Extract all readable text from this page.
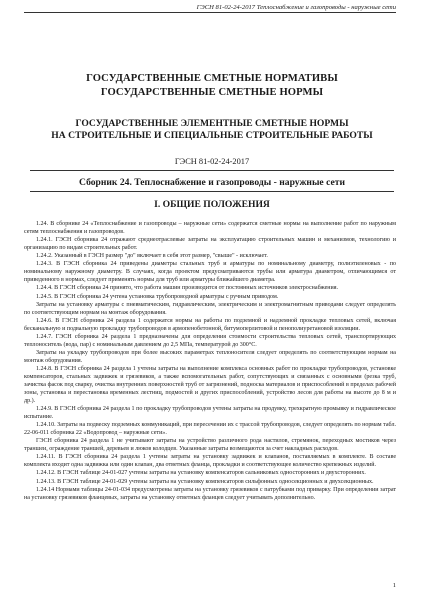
ГЭСН 81-02-24-2017 Теплоснабжение и газопроводы - наружные сети
ГОСУДАРСТВЕННЫЕ СМЕТНЫЕ НОРМАТИВЫ
ГОСУДАРСТВЕННЫЕ СМЕТНЫЕ НОРМЫ
ГОСУДАРСТВЕННЫЕ ЭЛЕМЕНТНЫЕ СМЕТНЫЕ НОРМЫ
НА СТРОИТЕЛЬНЫЕ И СПЕЦИАЛЬНЫЕ СТРОИТЕЛЬНЫЕ РАБОТЫ
ГЭСН 81-02-24-2017
Сборник 24. Теплоснабжение и газопроводы - наружные сети
I. ОБЩИЕ ПОЛОЖЕНИЯ

1.24. В сборнике 24 «Теплоснабжение и газопроводы – наружные сети» содержатся сметные нормы на выполнение работ по наружным сетям теплоснабжения и газопроводов.

1.24.1. ГЭСН сборника 24 отражают среднеотраслевые затраты на эксплуатацию строительных машин и механизмов, технологию и организацию по видам строительных работ.

1.24.2. Указанный в ГЭСН размер "до" включает в себя этот размер, "свыше" - исключает.

1.24.3. В ГЭСН сборника 24 приведены диаметры стальных труб и арматуры по номинальному диаметру, полиэтиленовых - по номинальному наружному диаметру. В случаях, когда проектом предусматриваются трубы или арматура диаметром, отличающимся от приведенного в нормах, следует применять нормы для труб или арматуры ближайшего диаметра.

1.24.4. В ГЭСН сборника 24 принято, что работа машин производится от постоянных источников электроснабжения.

1.24.5. В ГЭСН сборника 24 учтена установка трубопроводной арматуры с ручным приводом.

Затраты на установку арматуры с пневматическим, гидравлическим, электрическим и электромагнитным приводами следует определять по соответствующим нормам на монтаж оборудования.

1.24.6. В ГЭСН сборника 24 раздела 1 содержатся нормы на работы по подземной и надземной прокладке тепловых сетей, включая бесканальную и подвальную прокладку трубопроводов в армопенобетонной, битумоперлитовой и пенополиуретановой изоляции.

1.24.7. ГЭСН сборника 24 раздела 1 предназначены для определения стоимости строительства тепловых сетей, транспортирующих теплоноситель (вода, пар) с номинальным давлением до 2,5 МПа, температурой до 300°С.

Затраты на укладку трубопроводов при более высоких параметрах теплоносителя следует определять по соответствующим нормам на монтаж оборудования.

1.24.8. В ГЭСН сборника 24 раздела 1 учтены затраты на выполнение комплекса основных работ по прокладке трубопроводов, установке компенсаторов, стальных задвижек и грязевиков, а также вспомогательных работ, сопутствующих и связанных с основными (резка труб, зачистка фасок под сварку, очистка внутренних поверхностей труб от загрязнений, подноска материалов и приспособлений в пределах рабочей зоны, установка и перестановка временных лестниц, подмостей и других приспособлений, устройство лесов для работы на высоте до 8 м и др.).

1.24.9. В ГЭСН сборника 24 раздела 1 по прокладку трубопроводов учтены затраты на продувку, трехкратную промывку и гидравлическое испытание.

1.24.10. Затраты на подвеску подземных коммуникаций, при пересечении их с трассой трубопроводов, следует определять по нормам табл. 22-06-011 сборника 22 «Водопровод – наружные сети».

ГЭСН сборника 24 раздела 1 не учитывают затраты на устройство различного рода настилов, стремянок, переходных мостиков через траншеи, ограждение траншей, деревьев и люков колодцев. Указанные затраты возмещаются за счет накладных расходов.

1.24.11. В ГЭСН сборника 24 раздела 1 учтены затраты на установку задвижек и клапанов, поставляемых в комплекте. В составе комплекта входит одна задвижка или один клапан, два ответных фланца, прокладки и соответствующее количество крепежных изделий.

1.24.12. В ГЭСН таблице 24-01-027 учтены затраты на установку компенсаторов сальниковых односторонних и двухсторонних.

1.24.13. В ГЭСН таблице 24-01-029 учтены затраты на установку компенсаторов сильфонных односекционных и двухсекционных.

1.24.14 Нормами таблицы 24-01-034 предусмотрены затраты на установку грязевиков с патрубками под приварку. При определении затрат на установку грязевиков фланцевых, затраты на установку ответных фланцев следует учитывать дополнительно.

1
